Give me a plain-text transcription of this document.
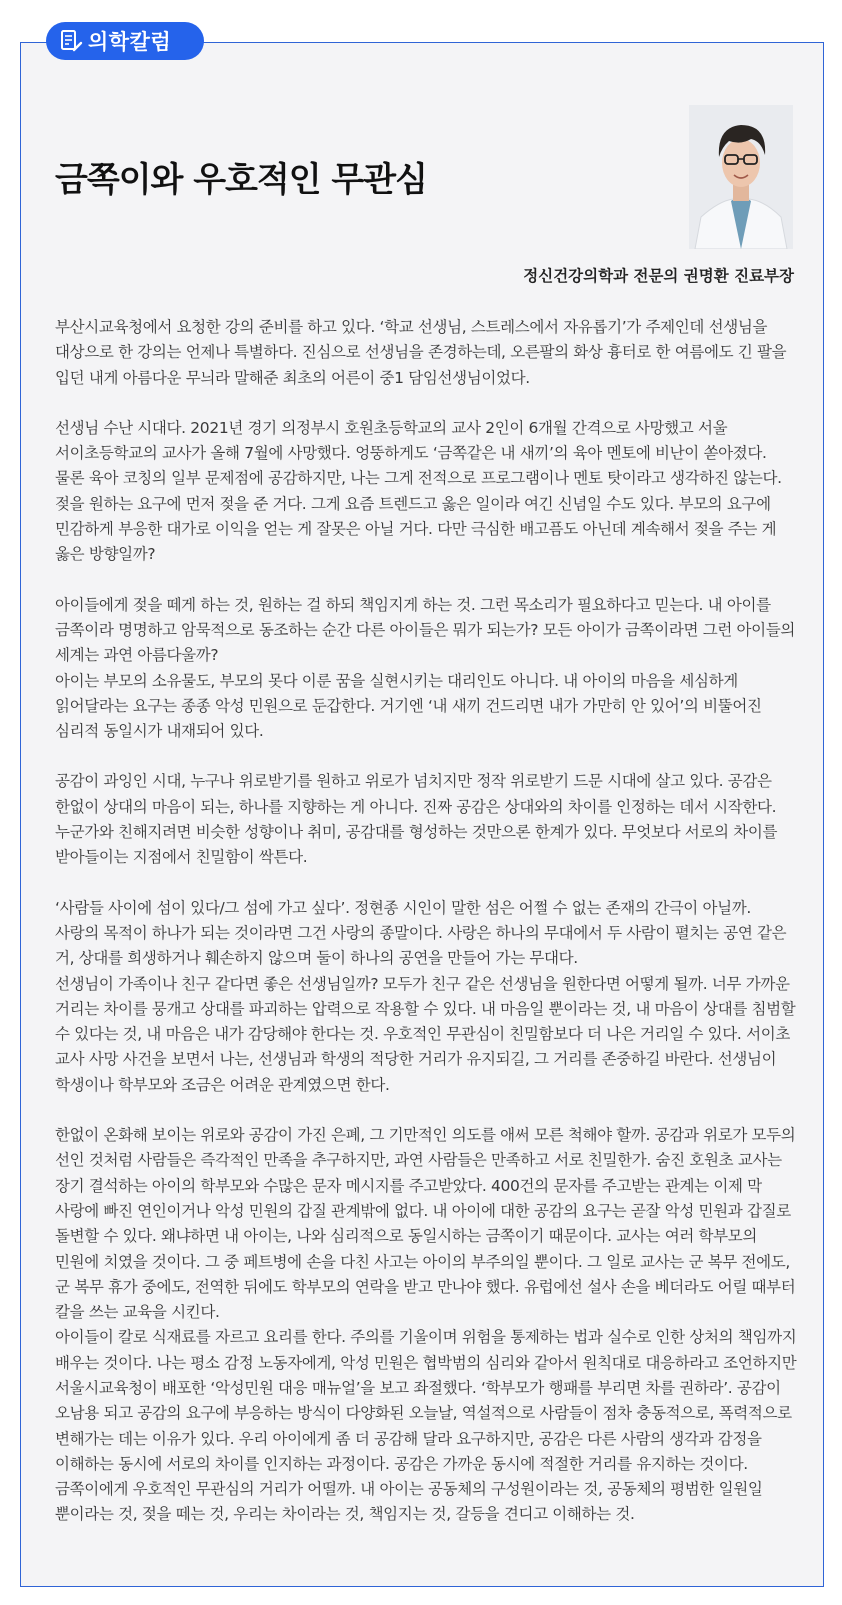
의학칼럼
금쪽이와 우호적인 무관심
정신건강의학과 전문의 권명환 진료부장

부산시교육청에서 요청한 강의 준비를 하고 있다. ‘학교 선생님, 스트레스에서 자유롭기’가 주제인데 선생님을 대상으로 한 강의는 언제나 특별하다. 진심으로 선생님을 존경하는데, 오른팔의 화상 흉터로 한 여름에도 긴 팔을 입던 내게 아름다운 무늬라 말해준 최초의 어른이 중1 담임선생님이었다.

선생님 수난 시대다. 2021년 경기 의정부시 호원초등학교의 교사 2인이 6개월 간격으로 사망했고 서울 서이초등학교의 교사가 올해 7월에 사망했다. 엉뚱하게도 ‘금쪽같은 내 새끼’의 육아 멘토에 비난이 쏟아졌다. 물론 육아 코칭의 일부 문제점에 공감하지만, 나는 그게 전적으로 프로그램이나 멘토 탓이라고 생각하진 않는다. 젖을 원하는 요구에 먼저 젖을 준 거다. 그게 요즘 트렌드고 옳은 일이라 여긴 신념일 수도 있다. 부모의 요구에 민감하게 부응한 대가로 이익을 얻는 게 잘못은 아닐 거다. 다만 극심한 배고픔도 아닌데 계속해서 젖을 주는 게 옳은 방향일까?

아이들에게 젖을 떼게 하는 것, 원하는 걸 하되 책임지게 하는 것. 그런 목소리가 필요하다고 믿는다. 내 아이를 금쪽이라 명명하고 암묵적으로 동조하는 순간 다른 아이들은 뭐가 되는가? 모든 아이가 금쪽이라면 그런 아이들의 세계는 과연 아름다울까?

아이는 부모의 소유물도, 부모의 못다 이룬 꿈을 실현시키는 대리인도 아니다. 내 아이의 마음을 세심하게 읽어달라는 요구는 종종 악성 민원으로 둔갑한다. 거기엔 ‘내 새끼 건드리면 내가 가만히 안 있어’의 비뚤어진 심리적 동일시가 내재되어 있다.

공감이 과잉인 시대, 누구나 위로받기를 원하고 위로가 넘치지만 정작 위로받기 드문 시대에 살고 있다. 공감은 한없이 상대의 마음이 되는, 하나를 지향하는 게 아니다. 진짜 공감은 상대와의 차이를 인정하는 데서 시작한다. 누군가와 친해지려면 비슷한 성향이나 취미, 공감대를 형성하는 것만으론 한계가 있다. 무엇보다 서로의 차이를 받아들이는 지점에서 친밀함이 싹튼다.

‘사람들 사이에 섬이 있다/그 섬에 가고 싶다’. 정현종 시인이 말한 섬은 어쩔 수 없는 존재의 간극이 아닐까. 사랑의 목적이 하나가 되는 것이라면 그건 사랑의 종말이다. 사랑은 하나의 무대에서 두 사람이 펼치는 공연 같은 거, 상대를 희생하거나 훼손하지 않으며 둘이 하나의 공연을 만들어 가는 무대다.

선생님이 가족이나 친구 같다면 좋은 선생님일까? 모두가 친구 같은 선생님을 원한다면 어떻게 될까. 너무 가까운 거리는 차이를 뭉개고 상대를 파괴하는 압력으로 작용할 수 있다. 내 마음일 뿐이라는 것, 내 마음이 상대를 침범할 수 있다는 것, 내 마음은 내가 감당해야 한다는 것. 우호적인 무관심이 친밀함보다 더 나은 거리일 수 있다. 서이초 교사 사망 사건을 보면서 나는, 선생님과 학생의 적당한 거리가 유지되길, 그 거리를 존중하길 바란다. 선생님이 학생이나 학부모와 조금은 어려운 관계였으면 한다.

한없이 온화해 보이는 위로와 공감이 가진 은폐, 그 기만적인 의도를 애써 모른 척해야 할까. 공감과 위로가 모두의 선인 것처럼 사람들은 즉각적인 만족을 추구하지만, 과연 사람들은 만족하고 서로 친밀한가. 숨진 호원초 교사는 장기 결석하는 아이의 학부모와 수많은 문자 메시지를 주고받았다. 400건의 문자를 주고받는 관계는 이제 막 사랑에 빠진 연인이거나 악성 민원의 갑질 관계밖에 없다. 내 아이에 대한 공감의 요구는 곧잘 악성 민원과 갑질로 돌변할 수 있다. 왜냐하면 내 아이는, 나와 심리적으로 동일시하는 금쪽이기 때문이다. 교사는 여러 학부모의 민원에 치였을 것이다. 그 중 페트병에 손을 다친 사고는 아이의 부주의일 뿐이다. 그 일로 교사는 군 복무 전에도, 군 복무 휴가 중에도, 전역한 뒤에도 학부모의 연락을 받고 만나야 했다. 유럽에선 설사 손을 베더라도 어릴 때부터 칼을 쓰는 교육을 시킨다.

아이들이 칼로 식재료를 자르고 요리를 한다. 주의를 기울이며 위험을 통제하는 법과 실수로 인한 상처의 책임까지 배우는 것이다. 나는 평소 감정 노동자에게, 악성 민원은 협박범의 심리와 같아서 원칙대로 대응하라고 조언하지만 서울시교육청이 배포한 ‘악성민원 대응 매뉴얼’을 보고 좌절했다. ‘학부모가 행패를 부리면 차를 권하라’. 공감이 오남용 되고 공감의 요구에 부응하는 방식이 다양화된 오늘날, 역설적으로 사람들이 점차 충동적으로, 폭력적으로 변해가는 데는 이유가 있다. 우리 아이에게 좀 더 공감해 달라 요구하지만, 공감은 다른 사람의 생각과 감정을 이해하는 동시에 서로의 차이를 인지하는 과정이다. 공감은 가까운 동시에 적절한 거리를 유지하는 것이다. 금쪽이에게 우호적인 무관심의 거리가 어떨까. 내 아이는 공동체의 구성원이라는 것, 공동체의 평범한 일원일 뿐이라는 것, 젖을 떼는 것, 우리는 차이라는 것, 책임지는 것, 갈등을 견디고 이해하는 것.
